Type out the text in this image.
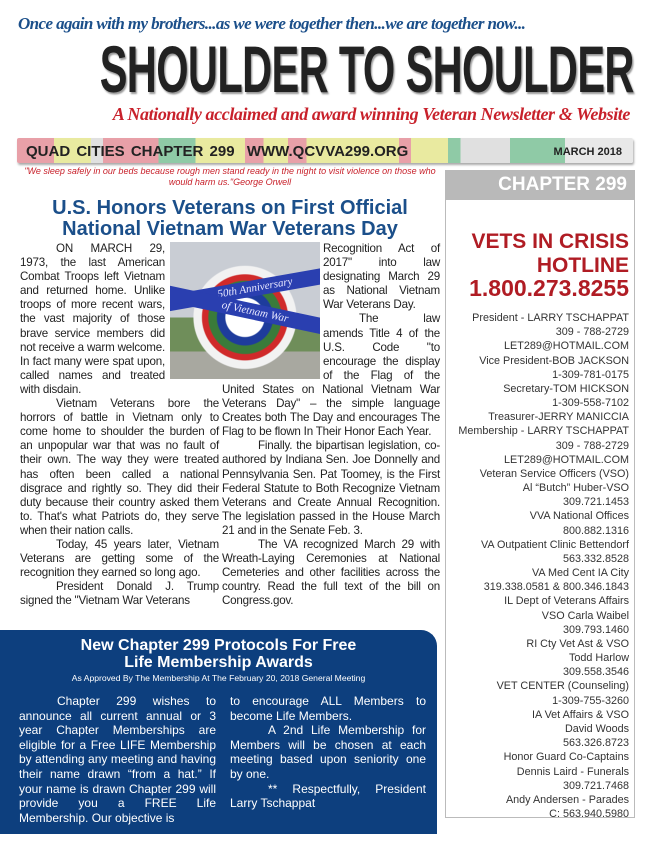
Once again with my brothers...as we were together then...we are together now...
SHOULDER TO SHOULDER
A Nationally acclaimed and award winning Veteran Newsletter & Website
QUAD CITIES CHAPTER 299  WWW.QCVVA299.ORG	MARCH 2018
"We sleep safely in our beds because rough men stand ready in the night to visit violence on those who would harm us."George Orwell
U.S. Honors Veterans on First Official National Vietnam War Veterans Day
50th Anniversary
of Vietnam War

ON MARCH 29, 1973, the last American Combat Troops left Vietnam and returned home. Unlike troops of more recent wars, the vast majority of those brave service members did not receive a warm welcome. In fact many were spat upon, called names and treated with disdain.

Vietnam Veterans bore the horrors of battle in Vietnam only to come home to shoulder the burden of an unpopular war that was no fault of their own. The way they were treated has often been called a national disgrace and rightly so. They did their duty because their country asked them to. That's what Patriots do, they serve when their nation calls.

Today, 45 years later, Vietnam Veterans are getting some of the recognition they earned so long ago.

President Donald J. Trump signed the "Vietnam War Veterans

Recognition Act of 2017" into law designating March 29 as National Vietnam War Veterans Day.

The law amends Title 4 of the U.S. Code "to encourage the display of the Flag of the United States on National Vietnam War Veterans Day" – the simple language Creates both The Day and encourages The Flag to be flown In Their Honor Each Year.

Finally. the bipartisan legislation, co-authored by Indiana Sen. Joe Donnelly and Pennsylvania Sen. Pat Toomey, is the First Federal Statute to Both Recognize Vietnam Veterans and Create Annual Recognition. The legislation passed in the House March 21 and in the Senate Feb. 3.

The VA recognized March 29 with Wreath-Laying Ceremonies at National Cemeteries and other facilities across the country. Read the full text of the bill on Congress.gov.

New Chapter 299 Protocols For Free Life Membership Awards
As Approved By The Membership At The February 20, 2018 General Meeting

Chapter 299 wishes to announce all current annual or 3 year Chapter Memberships are eligible for a Free LIFE Membership by attending any meeting and having their name drawn “from a hat.” If your name is drawn Chapter 299 will provide you a FREE Life Membership. Our objective is

to encourage ALL Members to become Life Members.

A 2nd Life Membership for Members will be chosen at each meeting based upon seniority one by one.

** Respectfully, President Larry Tschappat

CHAPTER 299
VETS IN CRISIS
HOTLINE
1.800.273.8255
President - LARRY TSCHAPPAT
309 - 788-2729
LET289@HOTMAIL.COM
Vice President-BOB JACKSON
1-309-781-0175
Secretary-TOM HICKSON
1-309-558-7102
Treasurer-JERRY MANICCIA
Membership - LARRY TSCHAPPAT
309 - 788-2729
LET289@HOTMAIL.COM
Veteran Service Officers (VSO)
Al “Butch” Huber-VSO
309.721.1453
VVA National Offices
800.882.1316
VA Outpatient Clinic Bettendorf
563.332.8528
VA Med Cent IA City
319.338.0581 & 800.346.1843
IL Dept of Veterans Affairs
VSO Carla Waibel
309.793.1460
RI Cty Vet Ast & VSO
Todd Harlow
309.558.3546
VET CENTER (Counseling)
1-309-755-3260
IA Vet Affairs & VSO
David Woods
563.326.8723
Honor Guard Co-Captains
Dennis Laird - Funerals
309.721.7468
Andy Andersen - Parades
C: 563.940.5980
